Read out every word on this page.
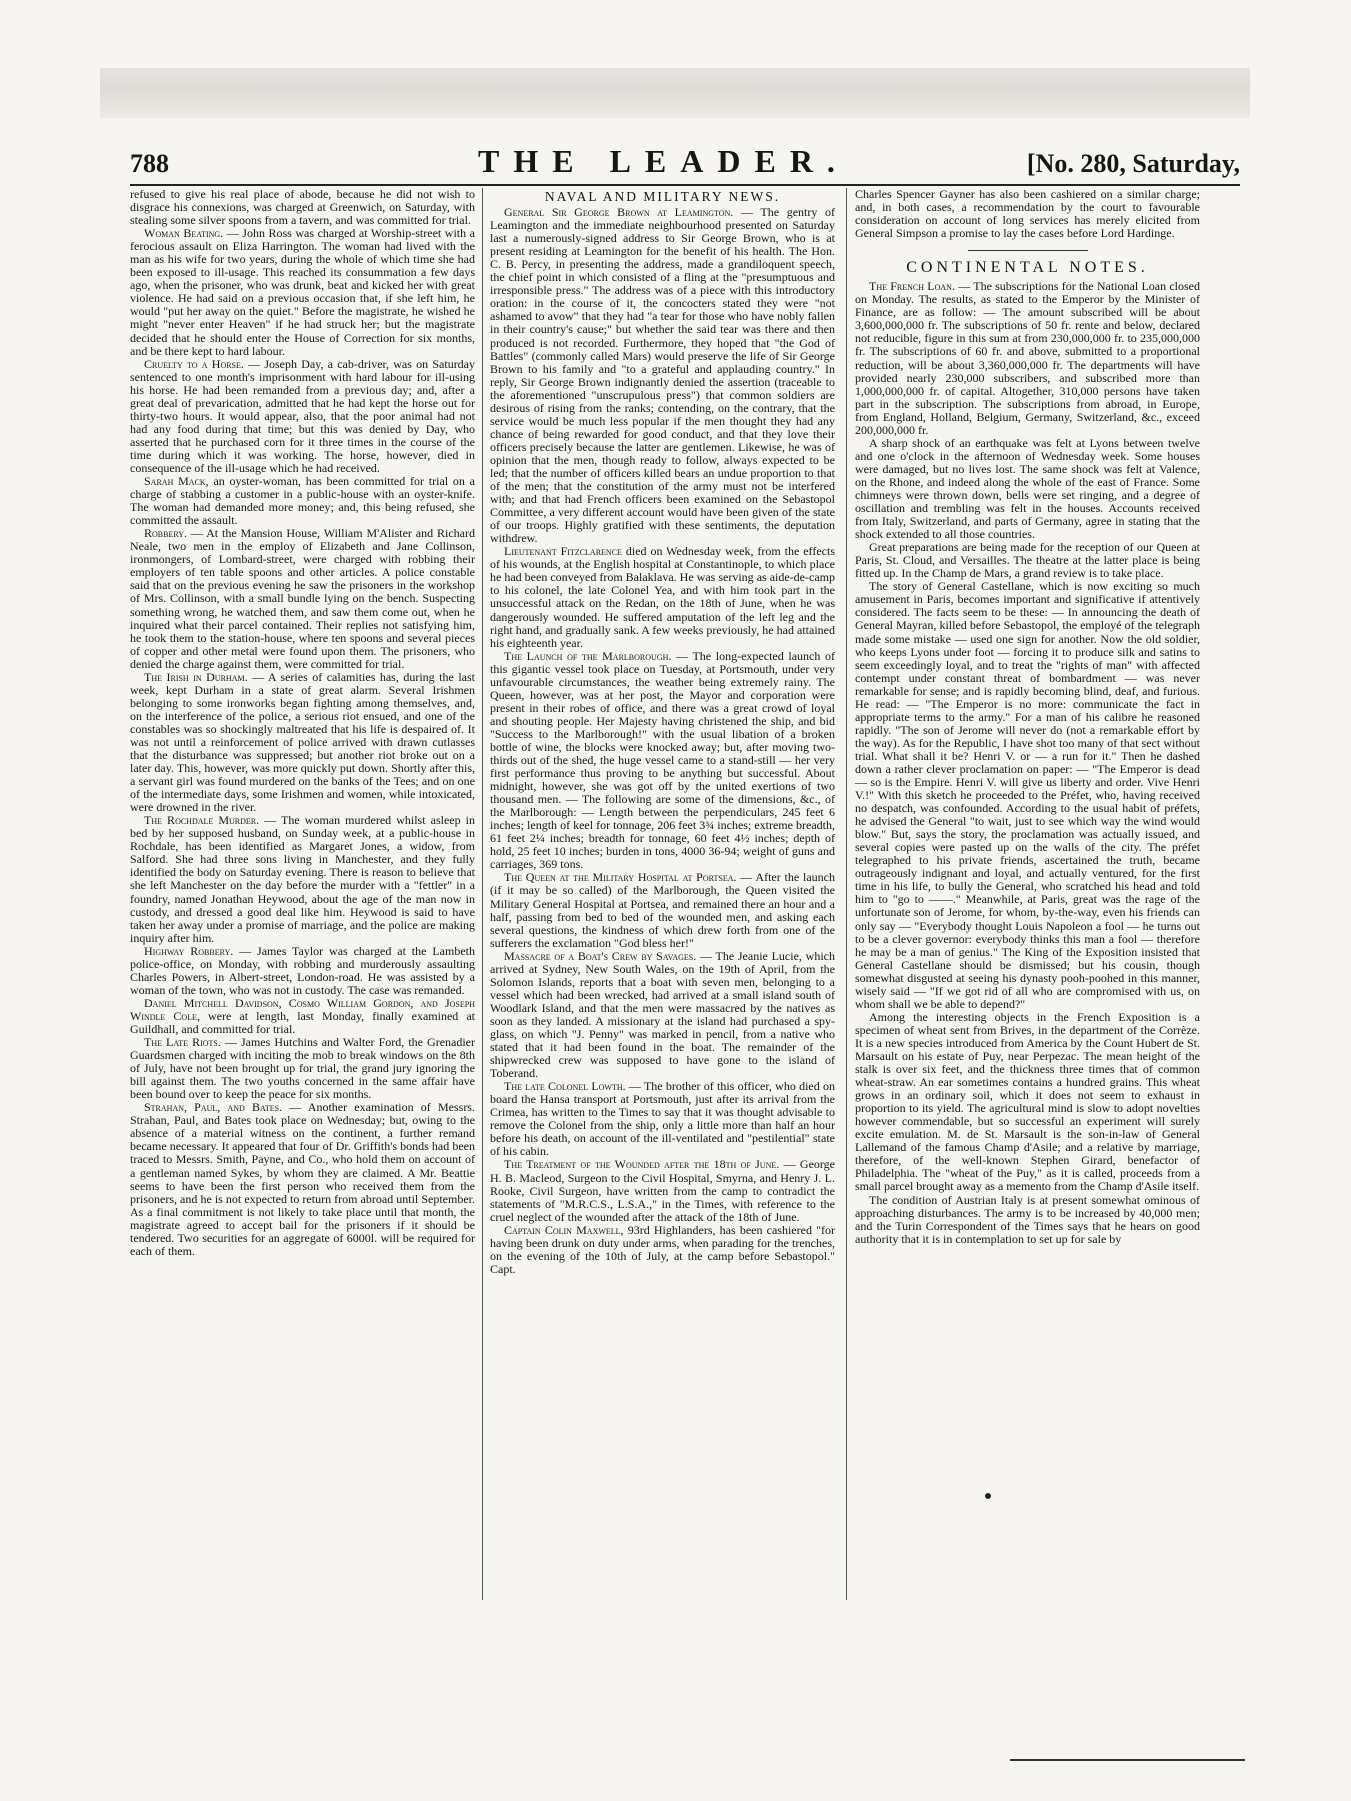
788	THE LEADER.	[No. 280, Saturday,

refused to give his real place of abode, because he did not wish to disgrace his connexions, was charged at Greenwich, on Saturday, with stealing some silver spoons from a tavern, and was committed for trial.

Woman Beating. — John Ross was charged at Worship-street with a ferocious assault on Eliza Harrington. The woman had lived with the man as his wife for two years, during the whole of which time she had been exposed to ill-usage. This reached its consummation a few days ago, when the prisoner, who was drunk, beat and kicked her with great violence. He had said on a previous occasion that, if she left him, he would "put her away on the quiet." Before the magistrate, he wished he might "never enter Heaven" if he had struck her; but the magistrate decided that he should enter the House of Correction for six months, and be there kept to hard labour.

Cruelty to a Horse. — Joseph Day, a cab-driver, was on Saturday sentenced to one month's imprisonment with hard labour for ill-using his horse. He had been remanded from a previous day; and, after a great deal of prevarication, admitted that he had kept the horse out for thirty-two hours. It would appear, also, that the poor animal had not had any food during that time; but this was denied by Day, who asserted that he purchased corn for it three times in the course of the time during which it was working. The horse, however, died in consequence of the ill-usage which he had received.

Sarah Mack, an oyster-woman, has been committed for trial on a charge of stabbing a customer in a public-house with an oyster-knife. The woman had demanded more money; and, this being refused, she committed the assault.

Robbery. — At the Mansion House, William M'Alister and Richard Neale, two men in the employ of Elizabeth and Jane Collinson, ironmongers, of Lombard-street, were charged with robbing their employers of ten table spoons and other articles. A police constable said that on the previous evening he saw the prisoners in the workshop of Mrs. Collinson, with a small bundle lying on the bench. Suspecting something wrong, he watched them, and saw them come out, when he inquired what their parcel contained. Their replies not satisfying him, he took them to the station-house, where ten spoons and several pieces of copper and other metal were found upon them. The prisoners, who denied the charge against them, were committed for trial.

The Irish in Durham. — A series of calamities has, during the last week, kept Durham in a state of great alarm. Several Irishmen belonging to some ironworks began fighting among themselves, and, on the interference of the police, a serious riot ensued, and one of the constables was so shockingly maltreated that his life is despaired of. It was not until a reinforcement of police arrived with drawn cutlasses that the disturbance was suppressed; but another riot broke out on a later day. This, however, was more quickly put down. Shortly after this, a servant girl was found murdered on the banks of the Tees; and on one of the intermediate days, some Irishmen and women, while intoxicated, were drowned in the river.

The Rochdale Murder. — The woman murdered whilst asleep in bed by her supposed husband, on Sunday week, at a public-house in Rochdale, has been identified as Margaret Jones, a widow, from Salford. She had three sons living in Manchester, and they fully identified the body on Saturday evening. There is reason to believe that she left Manchester on the day before the murder with a "fettler" in a foundry, named Jonathan Heywood, about the age of the man now in custody, and dressed a good deal like him. Heywood is said to have taken her away under a promise of marriage, and the police are making inquiry after him.

Highway Robbery. — James Taylor was charged at the Lambeth police-office, on Monday, with robbing and murderously assaulting Charles Powers, in Albert-street, London-road. He was assisted by a woman of the town, who was not in custody. The case was remanded.

Daniel Mitchell Davidson, Cosmo William Gordon, and Joseph Windle Cole, were at length, last Monday, finally examined at Guildhall, and committed for trial.

The Late Riots. — James Hutchins and Walter Ford, the Grenadier Guardsmen charged with inciting the mob to break windows on the 8th of July, have not been brought up for trial, the grand jury ignoring the bill against them. The two youths concerned in the same affair have been bound over to keep the peace for six months.

Strahan, Paul, and Bates. — Another examination of Messrs. Strahan, Paul, and Bates took place on Wednesday; but, owing to the absence of a material witness on the continent, a further remand became necessary. It appeared that four of Dr. Griffith's bonds had been traced to Messrs. Smith, Payne, and Co., who hold them on account of a gentleman named Sykes, by whom they are claimed. A Mr. Beattie seems to have been the first person who received them from the prisoners, and he is not expected to return from abroad until September. As a final commitment is not likely to take place until that month, the magistrate agreed to accept bail for the prisoners if it should be tendered. Two securities for an aggregate of 6000l. will be required for each of them.

NAVAL AND MILITARY NEWS.

General Sir George Brown at Leamington. — The gentry of Leamington and the immediate neighbourhood presented on Saturday last a numerously-signed address to Sir George Brown, who is at present residing at Leamington for the benefit of his health. The Hon. C. B. Percy, in presenting the address, made a grandiloquent speech, the chief point in which consisted of a fling at the "presumptuous and irresponsible press." The address was of a piece with this introductory oration: in the course of it, the concocters stated they were "not ashamed to avow" that they had "a tear for those who have nobly fallen in their country's cause;" but whether the said tear was there and then produced is not recorded. Furthermore, they hoped that "the God of Battles" (commonly called Mars) would preserve the life of Sir George Brown to his family and "to a grateful and applauding country." In reply, Sir George Brown indignantly denied the assertion (traceable to the aforementioned "unscrupulous press") that common soldiers are desirous of rising from the ranks; contending, on the contrary, that the service would be much less popular if the men thought they had any chance of being rewarded for good conduct, and that they love their officers precisely because the latter are gentlemen. Likewise, he was of opinion that the men, though ready to follow, always expected to be led; that the number of officers killed bears an undue proportion to that of the men; that the constitution of the army must not be interfered with; and that had French officers been examined on the Sebastopol Committee, a very different account would have been given of the state of our troops. Highly gratified with these sentiments, the deputation withdrew.

Lieutenant Fitzclarence died on Wednesday week, from the effects of his wounds, at the English hospital at Constantinople, to which place he had been conveyed from Balaklava. He was serving as aide-de-camp to his colonel, the late Colonel Yea, and with him took part in the unsuccessful attack on the Redan, on the 18th of June, when he was dangerously wounded. He suffered amputation of the left leg and the right hand, and gradually sank. A few weeks previously, he had attained his eighteenth year.

The Launch of the Marlborough. — The long-expected launch of this gigantic vessel took place on Tuesday, at Portsmouth, under very unfavourable circumstances, the weather being extremely rainy. The Queen, however, was at her post, the Mayor and corporation were present in their robes of office, and there was a great crowd of loyal and shouting people. Her Majesty having christened the ship, and bid "Success to the Marlborough!" with the usual libation of a broken bottle of wine, the blocks were knocked away; but, after moving two-thirds out of the shed, the huge vessel came to a stand-still — her very first performance thus proving to be anything but successful. About midnight, however, she was got off by the united exertions of two thousand men. — The following are some of the dimensions, &c., of the Marlborough: — Length between the perpendiculars, 245 feet 6 inches; length of keel for tonnage, 206 feet 3¾ inches; extreme breadth, 61 feet 2¼ inches; breadth for tonnage, 60 feet 4½ inches; depth of hold, 25 feet 10 inches; burden in tons, 4000 36-94; weight of guns and carriages, 369 tons.

The Queen at the Military Hospital at Portsea. — After the launch (if it may be so called) of the Marlborough, the Queen visited the Military General Hospital at Portsea, and remained there an hour and a half, passing from bed to bed of the wounded men, and asking each several questions, the kindness of which drew forth from one of the sufferers the exclamation "God bless her!"

Massacre of a Boat's Crew by Savages. — The Jeanie Lucie, which arrived at Sydney, New South Wales, on the 19th of April, from the Solomon Islands, reports that a boat with seven men, belonging to a vessel which had been wrecked, had arrived at a small island south of Woodlark Island, and that the men were massacred by the natives as soon as they landed. A missionary at the island had purchased a spy-glass, on which "J. Penny" was marked in pencil, from a native who stated that it had been found in the boat. The remainder of the shipwrecked crew was supposed to have gone to the island of Toberand.

The late Colonel Lowth. — The brother of this officer, who died on board the Hansa transport at Portsmouth, just after its arrival from the Crimea, has written to the Times to say that it was thought advisable to remove the Colonel from the ship, only a little more than half an hour before his death, on account of the ill-ventilated and "pestilential" state of his cabin.

The Treatment of the Wounded after the 18th of June. — George H. B. Macleod, Surgeon to the Civil Hospital, Smyrna, and Henry J. L. Rooke, Civil Surgeon, have written from the camp to contradict the statements of "M.R.C.S., L.S.A.," in the Times, with reference to the cruel neglect of the wounded after the attack of the 18th of June.

Captain Colin Maxwell, 93rd Highlanders, has been cashiered "for having been drunk on duty under arms, when parading for the trenches, on the evening of the 10th of July, at the camp before Sebastopol." Capt.

Charles Spencer Gayner has also been cashiered on a similar charge; and, in both cases, a recommendation by the court to favourable consideration on account of long services has merely elicited from General Simpson a promise to lay the cases before Lord Hardinge.

CONTINENTAL NOTES.

The French Loan. — The subscriptions for the National Loan closed on Monday. The results, as stated to the Emperor by the Minister of Finance, are as follow: — The amount subscribed will be about 3,600,000,000 fr. The subscriptions of 50 fr. rente and below, declared not reducible, figure in this sum at from 230,000,000 fr. to 235,000,000 fr. The subscriptions of 60 fr. and above, submitted to a proportional reduction, will be about 3,360,000,000 fr. The departments will have provided nearly 230,000 subscribers, and subscribed more than 1,000,000,000 fr. of capital. Altogether, 310,000 persons have taken part in the subscription. The subscriptions from abroad, in Europe, from England, Holland, Belgium, Germany, Switzerland, &c., exceed 200,000,000 fr.

A sharp shock of an earthquake was felt at Lyons between twelve and one o'clock in the afternoon of Wednesday week. Some houses were damaged, but no lives lost. The same shock was felt at Valence, on the Rhone, and indeed along the whole of the east of France. Some chimneys were thrown down, bells were set ringing, and a degree of oscillation and trembling was felt in the houses. Accounts received from Italy, Switzerland, and parts of Germany, agree in stating that the shock extended to all those countries.

Great preparations are being made for the reception of our Queen at Paris, St. Cloud, and Versailles. The theatre at the latter place is being fitted up. In the Champ de Mars, a grand review is to take place.

The story of General Castellane, which is now exciting so much amusement in Paris, becomes important and significative if attentively considered. The facts seem to be these: — In announcing the death of General Mayran, killed before Sebastopol, the employé of the telegraph made some mistake — used one sign for another. Now the old soldier, who keeps Lyons under foot — forcing it to produce silk and satins to seem exceedingly loyal, and to treat the "rights of man" with affected contempt under constant threat of bombardment — was never remarkable for sense; and is rapidly becoming blind, deaf, and furious. He read: — "The Emperor is no more: communicate the fact in appropriate terms to the army." For a man of his calibre he reasoned rapidly. "The son of Jerome will never do (not a remarkable effort by the way). As for the Republic, I have shot too many of that sect without trial. What shall it be? Henri V. or — a run for it." Then he dashed down a rather clever proclamation on paper: — "The Emperor is dead — so is the Empire. Henri V. will give us liberty and order. Vive Henri V.!" With this sketch he proceeded to the Préfet, who, having received no despatch, was confounded. According to the usual habit of préfets, he advised the General "to wait, just to see which way the wind would blow." But, says the story, the proclamation was actually issued, and several copies were pasted up on the walls of the city. The préfet telegraphed to his private friends, ascertained the truth, became outrageously indignant and loyal, and actually ventured, for the first time in his life, to bully the General, who scratched his head and told him to "go to ——." Meanwhile, at Paris, great was the rage of the unfortunate son of Jerome, for whom, by-the-way, even his friends can only say — "Everybody thought Louis Napoleon a fool — he turns out to be a clever governor: everybody thinks this man a fool — therefore he may be a man of genius." The King of the Exposition insisted that General Castellane should be dismissed; but his cousin, though somewhat disgusted at seeing his dynasty pooh-poohed in this manner, wisely said — "If we got rid of all who are compromised with us, on whom shall we be able to depend?"

Among the interesting objects in the French Exposition is a specimen of wheat sent from Brives, in the department of the Corrèze. It is a new species introduced from America by the Count Hubert de St. Marsault on his estate of Puy, near Perpezac. The mean height of the stalk is over six feet, and the thickness three times that of common wheat-straw. An ear sometimes contains a hundred grains. This wheat grows in an ordinary soil, which it does not seem to exhaust in proportion to its yield. The agricultural mind is slow to adopt novelties however commendable, but so successful an experiment will surely excite emulation. M. de St. Marsault is the son-in-law of General Lallemand of the famous Champ d'Asile; and a relative by marriage, therefore, of the well-known Stephen Girard, benefactor of Philadelphia. The "wheat of the Puy," as it is called, proceeds from a small parcel brought away as a memento from the Champ d'Asile itself.

The condition of Austrian Italy is at present somewhat ominous of approaching disturbances. The army is to be increased by 40,000 men; and the Turin Correspondent of the Times says that he hears on good authority that it is in contemplation to set up for sale by
